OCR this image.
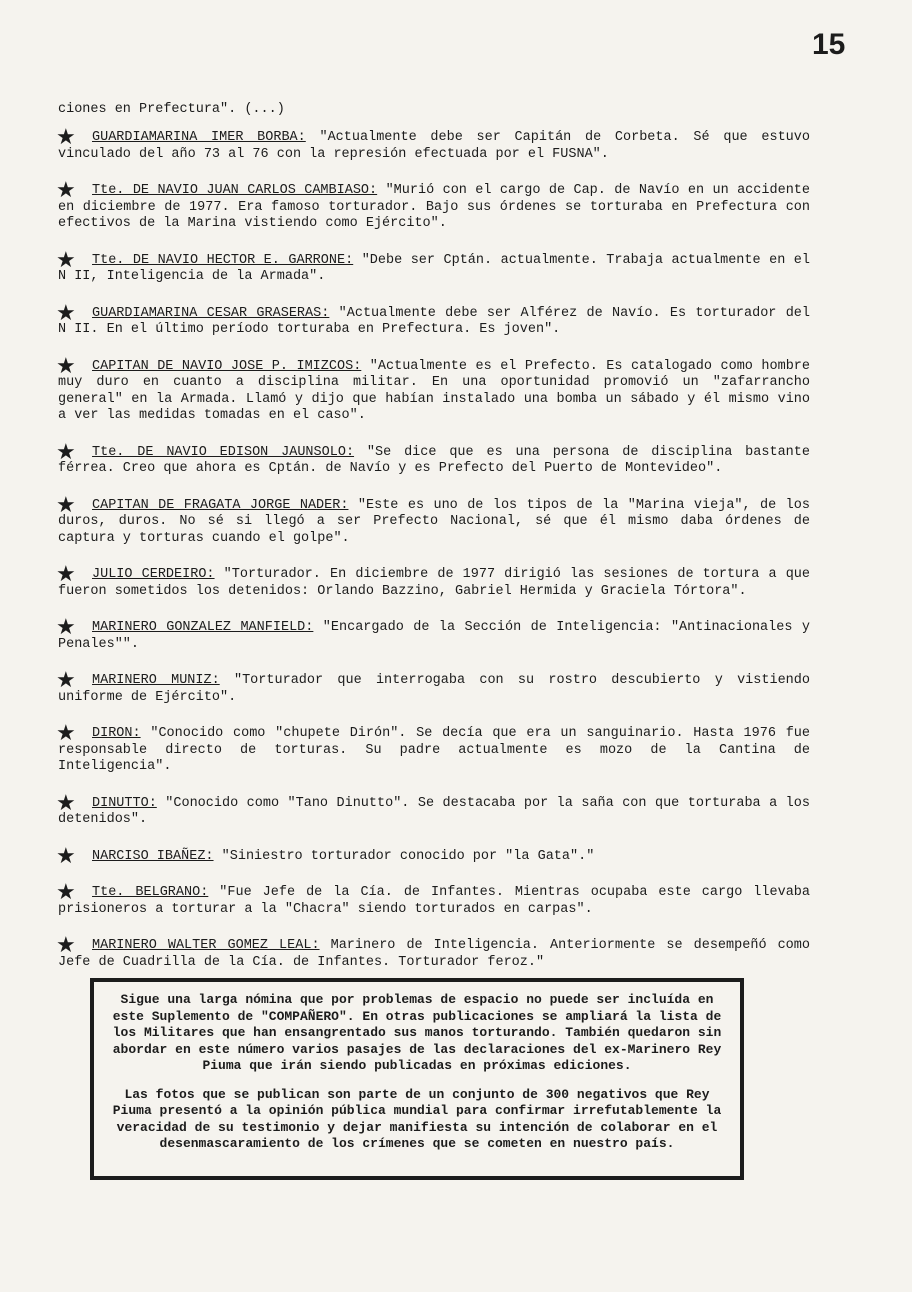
15
ciones en Prefectura". (...)
★ GUARDIAMARINA IMER BORBA: "Actualmente debe ser Capitán de Corbeta. Sé que estuvo vinculado del año 73 al 76 con la represión efectuada por el FUSNA".
★ Tte. DE NAVIO JUAN CARLOS CAMBIASO: "Murió con el cargo de Cap. de Navío en un accidente en diciembre de 1977. Era famoso torturador. Bajo sus órdenes se torturaba en Prefectura con efectivos de la Marina vistiendo como Ejército".
★ Tte. DE NAVIO HECTOR E. GARRONE: "Debe ser Cptán. actualmente. Trabaja actualmente en el N II, Inteligencia de la Armada".
★ GUARDIAMARINA CESAR GRASERAS: "Actualmente debe ser Alférez de Navío. Es torturador del N II. En el último período torturaba en Prefectura. Es joven".
★ CAPITAN DE NAVIO JOSE P. IMIZCOS: "Actualmente es el Prefecto. Es catalogado como hombre muy duro en cuanto a disciplina militar. En una oportunidad promovió un "zafarrancho general" en la Armada. Llamó y dijo que habían instalado una bomba un sábado y él mismo vino a ver las medidas tomadas en el caso".
★ Tte. DE NAVIO EDISON JAUNSOLO: "Se dice que es una persona de disciplina bastante férrea. Creo que ahora es Cptán. de Navío y es Prefecto del Puerto de Montevideo".
★ CAPITAN DE FRAGATA JORGE NADER: "Este es uno de los tipos de la "Marina vieja", de los duros, duros. No sé si llegó a ser Prefecto Nacional, sé que él mismo daba órdenes de captura y torturas cuando el golpe".
★ JULIO CERDEIRO: "Torturador. En diciembre de 1977 dirigió las sesiones de tortura a que fueron sometidos los detenidos: Orlando Bazzino, Gabriel Hermida y Graciela Tórtora".
★ MARINERO GONZALEZ MANFIELD: "Encargado de la Sección de Inteligencia: "Antinacionales y Penales"".
★ MARINERO MUNIZ: "Torturador que interrogaba con su rostro descubierto y vistiendo uniforme de Ejército".
★ DIRON: "Conocido como "chupete Dirón". Se decía que era un sanguinario. Hasta 1976 fue responsable directo de torturas. Su padre actualmente es mozo de la Cantina de Inteligencia".
★ DINUTTO: "Conocido como "Tano Dinutto". Se destacaba por la saña con que torturaba a los detenidos".
★ NARCISO IBAÑEZ: "Siniestro torturador conocido por "la Gata"."
★ Tte. BELGRANO: "Fue Jefe de la Cía. de Infantes. Mientras ocupaba este cargo llevaba prisioneros a torturar a la "Chacra" siendo torturados en carpas".
★ MARINERO WALTER GOMEZ LEAL: Marinero de Inteligencia. Anteriormente se desempeñó como Jefe de Cuadrilla de la Cía. de Infantes. Torturador feroz."

Sigue una larga nómina que por problemas de espacio no puede ser incluída en este Suplemento de "COMPAÑERO". En otras publicaciones se ampliará la lista de los Militares que han ensangrentado sus manos torturando. También quedaron sin abordar en este número varios pasajes de las declaraciones del ex-Marinero Rey Piuma que irán siendo publicadas en próximas ediciones.

Las fotos que se publican son parte de un conjunto de 300 negativos que Rey Piuma presentó a la opinión pública mundial para confirmar irrefutablemente la veracidad de su testimonio y dejar manifiesta su intención de colaborar en el desenmascaramiento de los crímenes que se cometen en nuestro país.
